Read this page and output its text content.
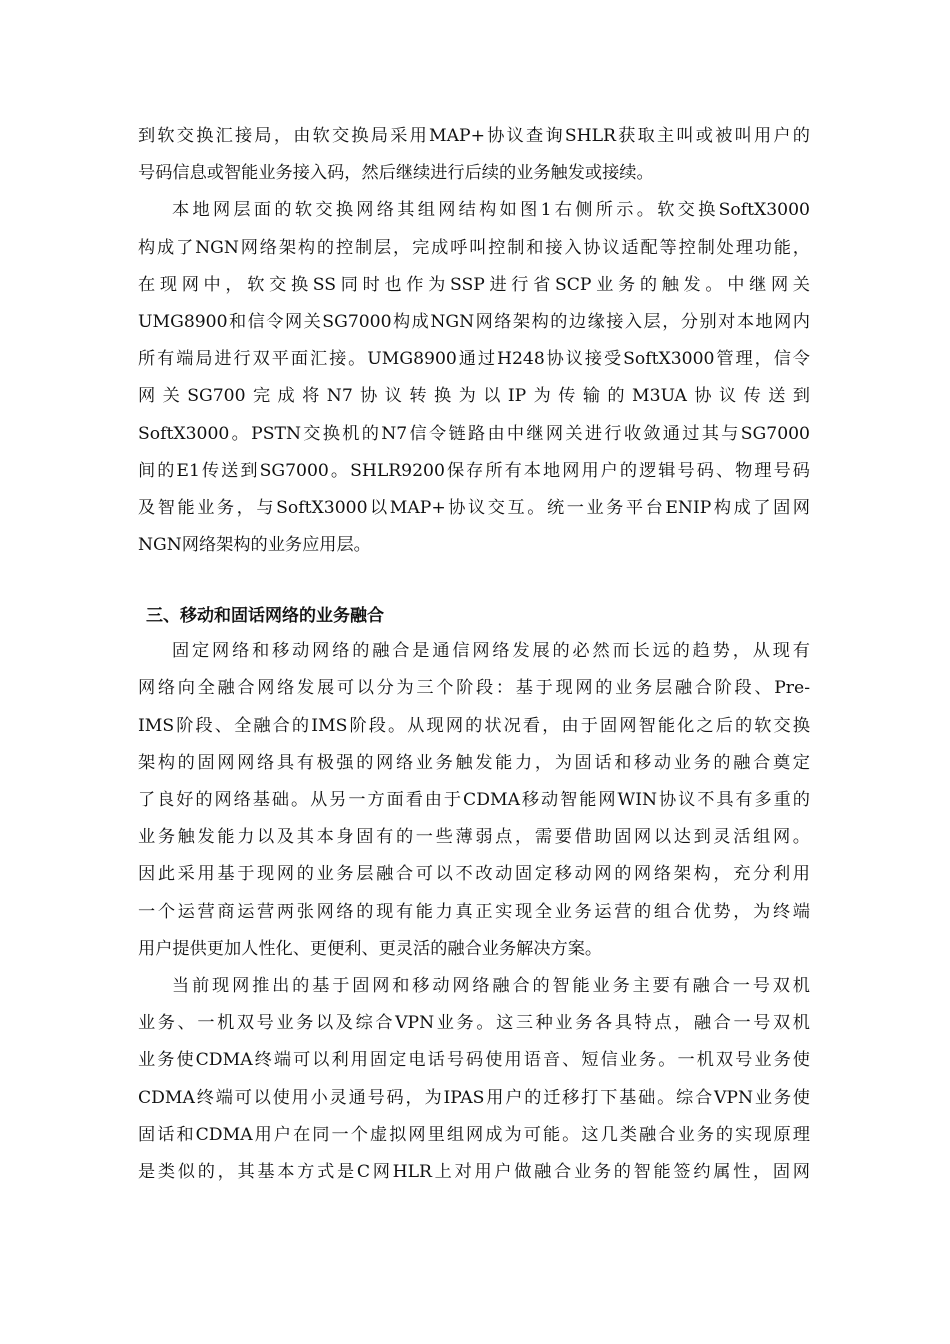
到软交换汇接局，由软交换局采用MAP+协议查询SHLR获取主叫或被叫用户的
号码信息或智能业务接入码，然后继续进行后续的业务触发或接续。
本地网层面的软交换网络其组网结构如图1右侧所示。软交换SoftX3000
构成了NGN网络架构的控制层，完成呼叫控制和接入协议适配等控制处理功能，
在现网中，软交换SS同时也作为SSP进行省SCP业务的触发。中继网关
UMG8900和信令网关SG7000构成NGN网络架构的边缘接入层，分别对本地网内
所有端局进行双平面汇接。UMG8900通过H248协议接受SoftX3000管理，信令
网关SG700完成将N7协议转换为以IP为传输的M3UA协议传送到
SoftX3000。PSTN交换机的N7信令链路由中继网关进行收敛通过其与SG7000
间的E1传送到SG7000。SHLR9200保存所有本地网用户的逻辑号码、物理号码
及智能业务，与SoftX3000以MAP+协议交互。统一业务平台ENIP构成了固网
NGN网络架构的业务应用层。
三、移动和固话网络的业务融合
固定网络和移动网络的融合是通信网络发展的必然而长远的趋势，从现有
网络向全融合网络发展可以分为三个阶段：基于现网的业务层融合阶段、Pre-
IMS阶段、全融合的IMS阶段。从现网的状况看，由于固网智能化之后的软交换
架构的固网网络具有极强的网络业务触发能力，为固话和移动业务的融合奠定
了良好的网络基础。从另一方面看由于CDMA移动智能网WIN协议不具有多重的
业务触发能力以及其本身固有的一些薄弱点，需要借助固网以达到灵活组网。
因此采用基于现网的业务层融合可以不改动固定移动网的网络架构，充分利用
一个运营商运营两张网络的现有能力真正实现全业务运营的组合优势，为终端
用户提供更加人性化、更便利、更灵活的融合业务解决方案。
当前现网推出的基于固网和移动网络融合的智能业务主要有融合一号双机
业务、一机双号业务以及综合VPN业务。这三种业务各具特点，融合一号双机
业务使CDMA终端可以利用固定电话号码使用语音、短信业务。一机双号业务使
CDMA终端可以使用小灵通号码，为IPAS用户的迁移打下基础。综合VPN业务使
固话和CDMA用户在同一个虚拟网里组网成为可能。这几类融合业务的实现原理
是类似的，其基本方式是C网HLR上对用户做融合业务的智能签约属性，固网
